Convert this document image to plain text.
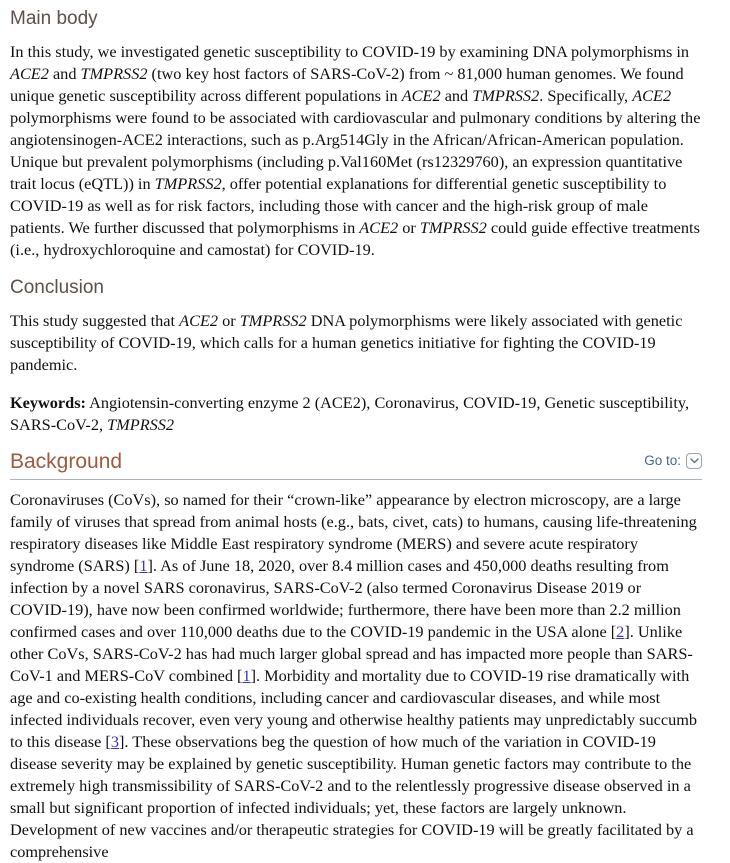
Main body

In this study, we investigated genetic susceptibility to COVID-19 by examining DNA polymorphisms in ACE2 and TMPRSS2 (two key host factors of SARS-CoV-2) from ~ 81,000 human genomes. We found unique genetic susceptibility across different populations in ACE2 and TMPRSS2. Specifically, ACE2 polymorphisms were found to be associated with cardiovascular and pulmonary conditions by altering the angiotensinogen-ACE2 interactions, such as p.Arg514Gly in the African/African-American population. Unique but prevalent polymorphisms (including p.Val160Met (rs12329760), an expression quantitative trait locus (eQTL)) in TMPRSS2, offer potential explanations for differential genetic susceptibility to COVID-19 as well as for risk factors, including those with cancer and the high-risk group of male patients. We further discussed that polymorphisms in ACE2 or TMPRSS2 could guide effective treatments (i.e., hydroxychloroquine and camostat) for COVID-19.

Conclusion

This study suggested that ACE2 or TMPRSS2 DNA polymorphisms were likely associated with genetic susceptibility of COVID-19, which calls for a human genetics initiative for fighting the COVID-19 pandemic.

Keywords: Angiotensin-converting enzyme 2 (ACE2), Coronavirus, COVID-19, Genetic susceptibility, SARS-CoV-2, TMPRSS2

Background	Go to:

Coronaviruses (CoVs), so named for their “crown-like” appearance by electron microscopy, are a large family of viruses that spread from animal hosts (e.g., bats, civet, cats) to humans, causing life-threatening respiratory diseases like Middle East respiratory syndrome (MERS) and severe acute respiratory syndrome (SARS) [1]. As of June 18, 2020, over 8.4 million cases and 450,000 deaths resulting from infection by a novel SARS coronavirus, SARS-CoV-2 (also termed Coronavirus Disease 2019 or COVID-19), have now been confirmed worldwide; furthermore, there have been more than 2.2 million confirmed cases and over 110,000 deaths due to the COVID-19 pandemic in the USA alone [2]. Unlike other CoVs, SARS-CoV-2 has had much larger global spread and has impacted more people than SARS-CoV-1 and MERS-CoV combined [1]. Morbidity and mortality due to COVID-19 rise dramatically with age and co-existing health conditions, including cancer and cardiovascular diseases, and while most infected individuals recover, even very young and otherwise healthy patients may unpredictably succumb to this disease [3]. These observations beg the question of how much of the variation in COVID-19 disease severity may be explained by genetic susceptibility. Human genetic factors may contribute to the extremely high transmissibility of SARS-CoV-2 and to the relentlessly progressive disease observed in a small but significant proportion of infected individuals; yet, these factors are largely unknown. Development of new vaccines and/or therapeutic strategies for COVID-19 will be greatly facilitated by a comprehensive
